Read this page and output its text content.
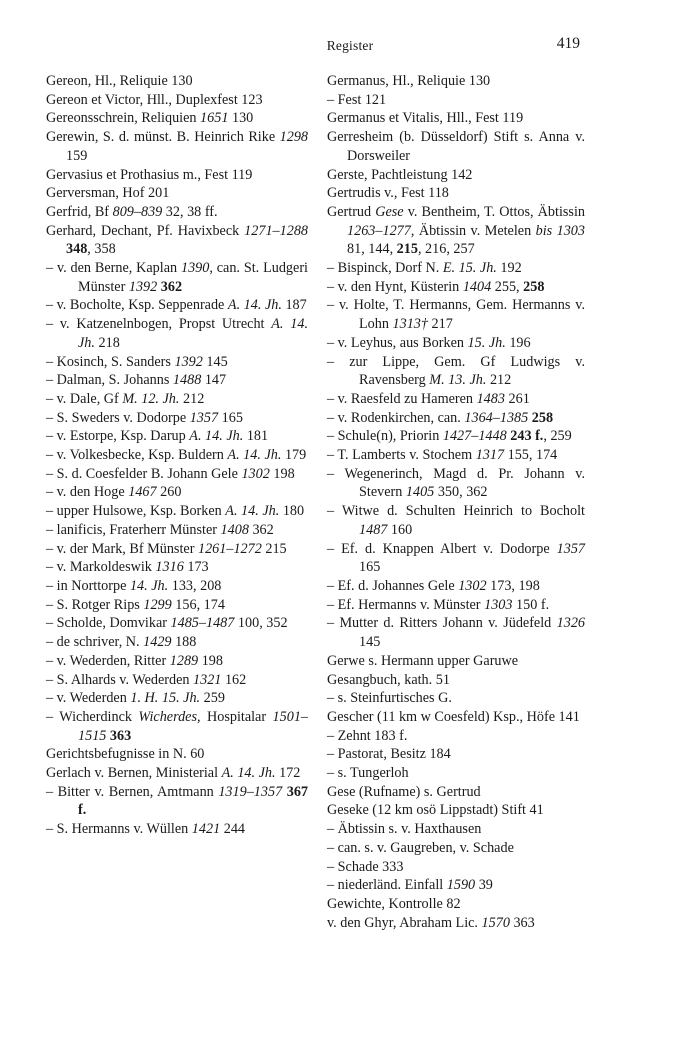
Register	419
Gereon, Hl., Reliquie 130
Gereon et Victor, Hll., Duplexfest 123
Gereonsschrein, Reliquien 1651 130
Gerewin, S. d. münst. B. Heinrich Rike 1298 159
Gervasius et Prothasius m., Fest 119
Gerversman, Hof 201
Gerfrid, Bf 809–839 32, 38 ff.
Gerhard, Dechant, Pf. Havixbeck 1271–1288 348, 358
– v. den Berne, Kaplan 1390, can. St. Ludgeri Münster 1392 362
– v. Bocholte, Ksp. Seppenrade A. 14. Jh. 187
– v. Katzenelnbogen, Propst Utrecht A. 14. Jh. 218
– Kosinch, S. Sanders 1392 145
– Dalman, S. Johanns 1488 147
– v. Dale, Gf M. 12. Jh. 212
– S. Sweders v. Dodorpe 1357 165
– v. Estorpe, Ksp. Darup A. 14. Jh. 181
– v. Volkesbecke, Ksp. Buldern A. 14. Jh. 179
– S. d. Coesfelder B. Johann Gele 1302 198
– v. den Hoge 1467 260
– upper Hulsowe, Ksp. Borken A. 14. Jh. 180
– lanificis, Fraterherr Münster 1408 362
– v. der Mark, Bf Münster 1261–1272 215
– v. Markoldeswik 1316 173
– in Norttorpe 14. Jh. 133, 208
– S. Rotger Rips 1299 156, 174
– Scholde, Domvikar 1485–1487 100, 352
– de schriver, N. 1429 188
– v. Wederden, Ritter 1289 198
– S. Alhards v. Wederden 1321 162
– v. Wederden 1. H. 15. Jh. 259
– Wicherdinck Wicherdes, Hospitalar 1501–1515 363
Gerichtsbefugnisse in N. 60
Gerlach v. Bernen, Ministerial A. 14. Jh. 172
– Bitter v. Bernen, Amtmann 1319–1357 367 f.
– S. Hermanns v. Wüllen 1421 244
Germanus, Hl., Reliquie 130
– Fest 121
Germanus et Vitalis, Hll., Fest 119
Gerresheim (b. Düsseldorf) Stift s. Anna v. Dorsweiler
Gerste, Pachtleistung 142
Gertrudis v., Fest 118
Gertrud Gese v. Bentheim, T. Ottos, Äbtissin 1263–1277, Äbtissin v. Metelen bis 1303 81, 144, 215, 216, 257
– Bispinck, Dorf N. E. 15. Jh. 192
– v. den Hynt, Küsterin 1404 255, 258
– v. Holte, T. Hermanns, Gem. Hermanns v. Lohn 1313† 217
– v. Leyhus, aus Borken 15. Jh. 196
– zur Lippe, Gem. Gf Ludwigs v. Ravensberg M. 13. Jh. 212
– v. Raesfeld zu Hameren 1483 261
– v. Rodenkirchen, can. 1364–1385 258
– Schule(n), Priorin 1427–1448 243 f., 259
– T. Lamberts v. Stochem 1317 155, 174
– Wegenerinch, Magd d. Pr. Johann v. Stevern 1405 350, 362
– Witwe d. Schulten Heinrich to Bocholt 1487 160
– Ef. d. Knappen Albert v. Dodorpe 1357 165
– Ef. d. Johannes Gele 1302 173, 198
– Ef. Hermanns v. Münster 1303 150 f.
– Mutter d. Ritters Johann v. Jüdefeld 1326 145
Gerwe s. Hermann upper Garuwe
Gesangbuch, kath. 51
– s. Steinfurtisches G.
Gescher (11 km w Coesfeld) Ksp., Höfe 141
– Zehnt 183 f.
– Pastorat, Besitz 184
– s. Tungerloh
Gese (Rufname) s. Gertrud
Geseke (12 km osö Lippstadt) Stift 41
– Äbtissin s. v. Haxthausen
– can. s. v. Gaugreben, v. Schade
– Schade 333
– niederländ. Einfall 1590 39
Gewichte, Kontrolle 82
v. den Ghyr, Abraham Lic. 1570 363
